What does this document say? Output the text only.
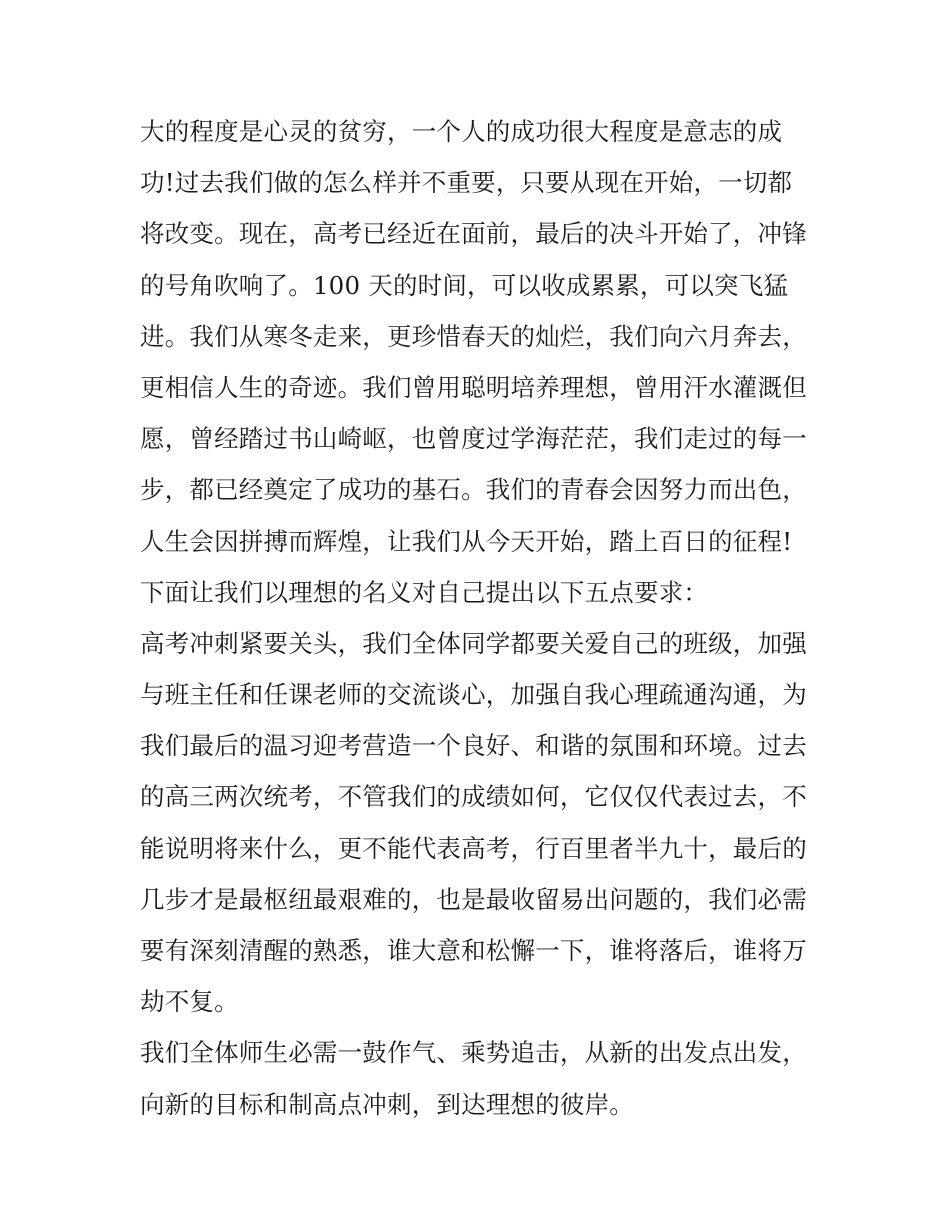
大的程度是心灵的贫穷，一个人的成功很大程度是意志的成
功!过去我们做的怎么样并不重要，只要从现在开始，一切都
将改变。现在，高考已经近在面前，最后的决斗开始了，冲锋
的号角吹响了。100 天的时间，可以收成累累，可以突飞猛
进。我们从寒冬走来，更珍惜春天的灿烂，我们向六月奔去，
更相信人生的奇迹。我们曾用聪明培养理想，曾用汗水灌溉但
愿，曾经踏过书山崎岖，也曾度过学海茫茫，我们走过的每一
步，都已经奠定了成功的基石。我们的青春会因努力而出色，
人生会因拼搏而辉煌，让我们从今天开始，踏上百日的征程!
下面让我们以理想的名义对自己提出以下五点要求：
高考冲刺紧要关头，我们全体同学都要关爱自己的班级，加强
与班主任和任课老师的交流谈心，加强自我心理疏通沟通，为
我们最后的温习迎考营造一个良好、和谐的氛围和环境。过去
的高三两次统考，不管我们的成绩如何，它仅仅代表过去，不
能说明将来什么，更不能代表高考，行百里者半九十，最后的
几步才是最枢纽最艰难的，也是最收留易出问题的，我们必需
要有深刻清醒的熟悉，谁大意和松懈一下，谁将落后，谁将万
劫不复。
我们全体师生必需一鼓作气、乘势追击，从新的出发点出发，
向新的目标和制高点冲刺，到达理想的彼岸。
